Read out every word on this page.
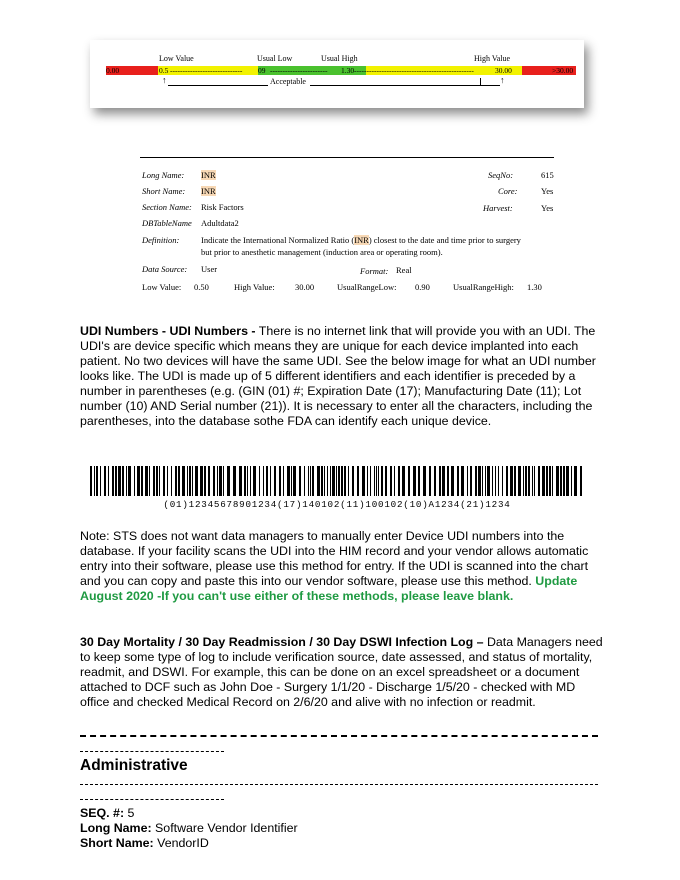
Low Value	Usual Low	Usual High	High Value
0.00	0.5 -----------------------------	09 -----------------------	1.30 ------------------------------------------------	30.00	>30.00
↑	Acceptable	↑
Long Name: INR	SeqNo:	615
Short Name: INR	Core:	Yes
Section Name: Risk Factors	Harvest:	Yes
DBTableName Adultdata2
Definition:	Indicate the International Normalized Ratio (INR) closest to the date and time prior to surgery
but prior to anesthetic management (induction area or operating room).
Data Source: User	Format: Real
Low Value: 0.50	High Value: 30.00	UsualRangeLow: 0.90	UsualRangeHigh: 1.30
UDI Numbers - UDI Numbers - There is no internet link that will provide you with an UDI. The UDI's are device specific which means they are unique for each device implanted into each patient. No two devices will have the same UDI. See the below image for what an UDI number looks like. The UDI is made up of 5 different identifiers and each identifier is preceded by a number in parentheses (e.g. (GIN (01) #; Expiration Date (17); Manufacturing Date (11); Lot number (10) AND Serial number (21)). It is necessary to enter all the characters, including the parentheses, into the database sothe FDA can identify each unique device.
(01)12345678901234(17)140102(11)100102(10)A1234(21)1234
Note: STS does not want data managers to manually enter Device UDI numbers into the database. If your facility scans the UDI into the HIM record and your vendor allows automatic entry into their software, please use this method for entry. If the UDI is scanned into the chart and you can copy and paste this into our vendor software, please use this method. Update August 2020 -If you can't use either of these methods, please leave blank.
30 Day Mortality / 30 Day Readmission / 30 Day DSWI Infection Log – Data Managers need to keep some type of log to include verification source, date assessed, and status of mortality, readmit, and DSWI. For example, this can be done on an excel spreadsheet or a document attached to DCF such as John Doe - Surgery 1/1/20 - Discharge 1/5/20 - checked with MD office and checked Medical Record on 2/6/20 and alive with no infection or readmit.
Administrative
SEQ. #: 5
Long Name: Software Vendor Identifier
Short Name: VendorID
